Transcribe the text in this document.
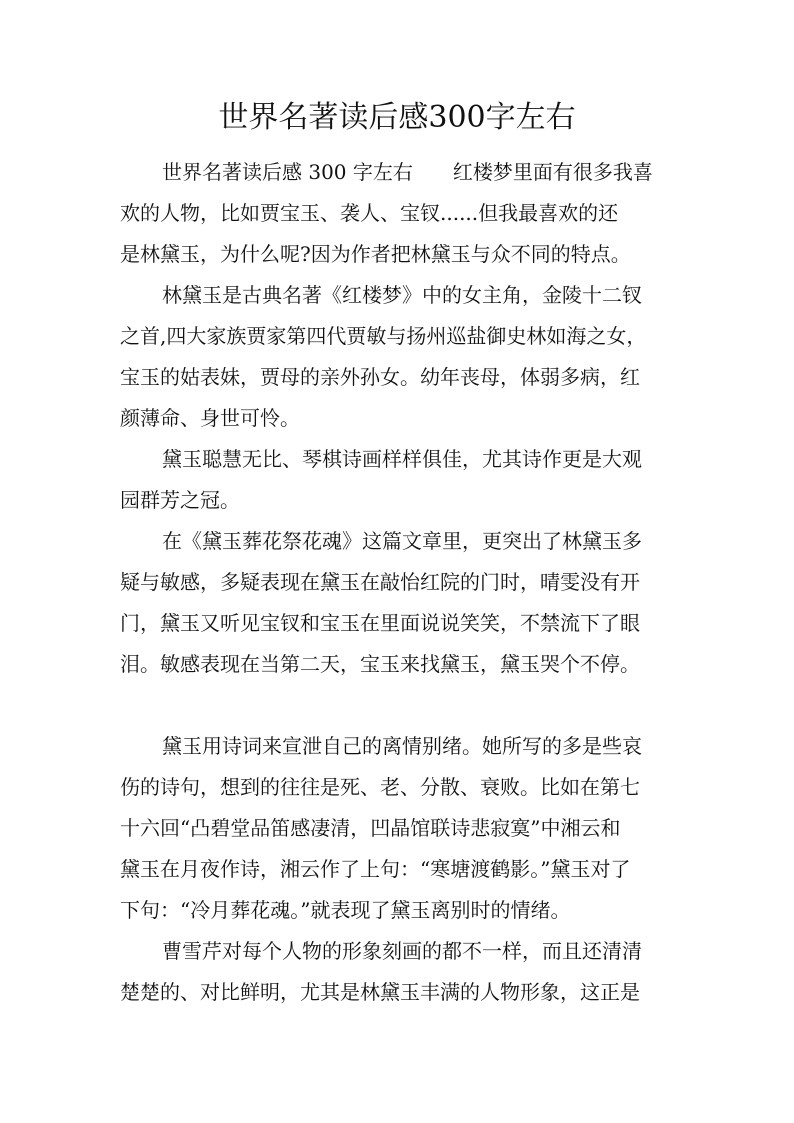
世界名著读后感300字左右
世界名著读后感 300 字左右　　红楼梦里面有很多我喜
欢的人物，比如贾宝玉、袭人、宝钗......但我最喜欢的还
是林黛玉，为什么呢?因为作者把林黛玉与众不同的特点。
林黛玉是古典名著《红楼梦》中的女主角，金陵十二钗
之首,四大家族贾家第四代贾敏与扬州巡盐御史林如海之女，
宝玉的姑表妹，贾母的亲外孙女。幼年丧母，体弱多病，红
颜薄命、身世可怜。
黛玉聪慧无比、琴棋诗画样样俱佳，尤其诗作更是大观
园群芳之冠。
在《黛玉葬花祭花魂》这篇文章里，更突出了林黛玉多
疑与敏感，多疑表现在黛玉在敲怡红院的门时，晴雯没有开
门，黛玉又听见宝钗和宝玉在里面说说笑笑，不禁流下了眼
泪。敏感表现在当第二天，宝玉来找黛玉，黛玉哭个不停。
黛玉用诗词来宣泄自己的离情别绪。她所写的多是些哀
伤的诗句，想到的往往是死、老、分散、衰败。比如在第七
十六回“凸碧堂品笛感凄清，凹晶馆联诗悲寂寞”中湘云和
黛玉在月夜作诗，湘云作了上句：“寒塘渡鹤影。”黛玉对了
下句：“冷月葬花魂。”就表现了黛玉离别时的情绪。
曹雪芹对每个人物的形象刻画的都不一样，而且还清清
楚楚的、对比鲜明，尤其是林黛玉丰满的人物形象，这正是
